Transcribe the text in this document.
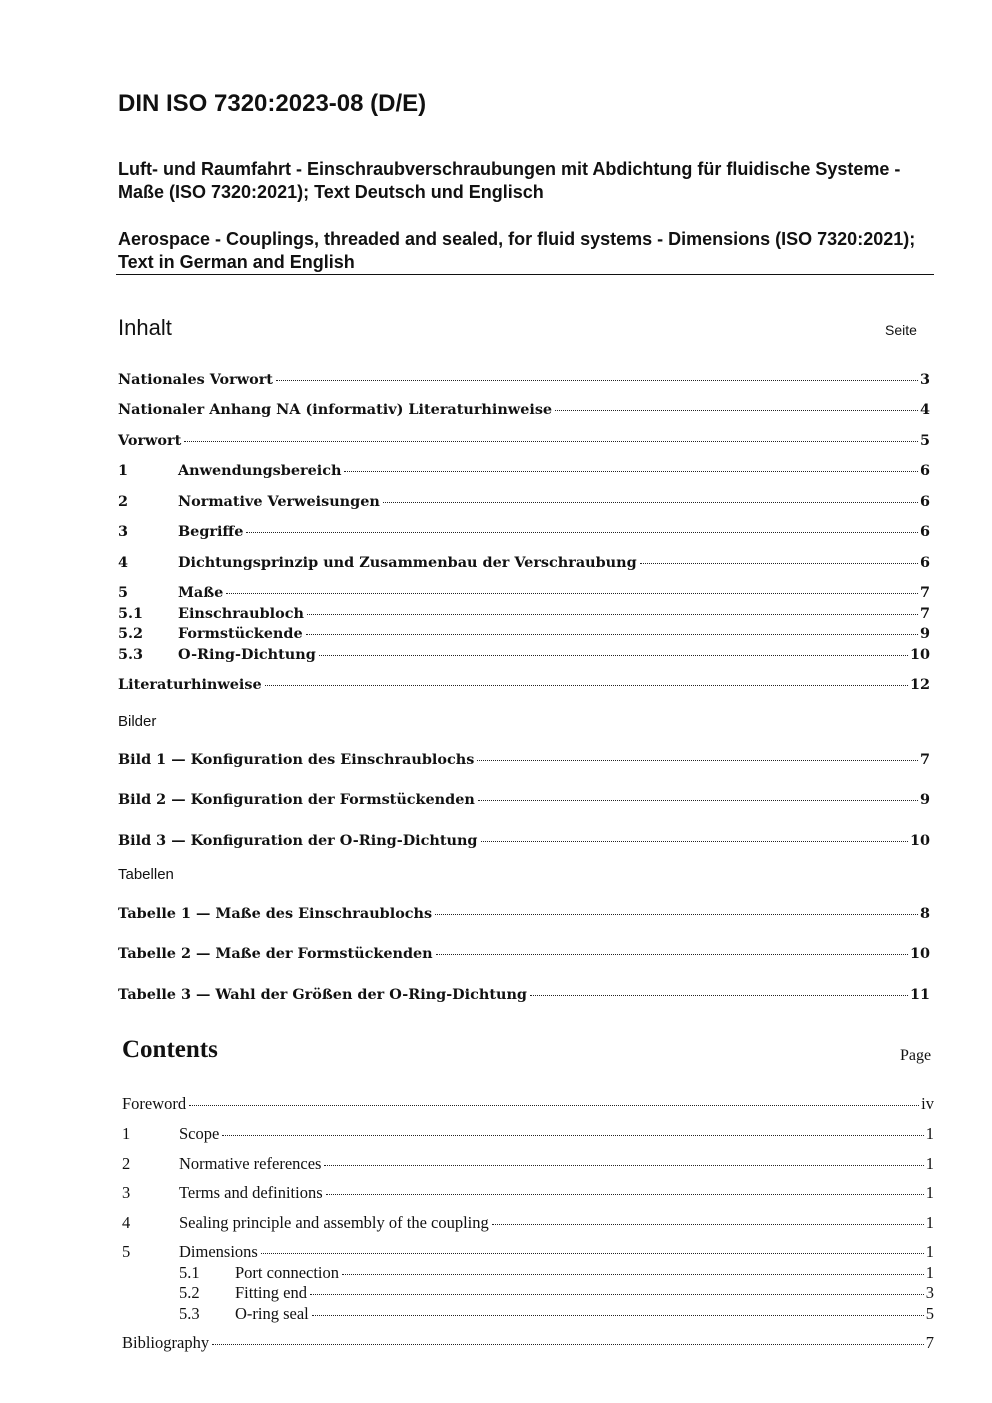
DIN ISO 7320:2023-08 (D/E)

Luft- und Raumfahrt - Einschraubverschraubungen mit Abdichtung für fluidische Systeme - Maße (ISO 7320:2021); Text Deutsch und Englisch

Aerospace - Couplings, threaded and sealed, for fluid systems - Dimensions (ISO 7320:2021); Text in German and English

Inhalt	Seite
Nationales Vorwort	3
Nationaler Anhang NA (informativ) Literaturhinweise	4
Vorwort	5
1	Anwendungsbereich	6
2	Normative Verweisungen	6
3	Begriffe	6
4	Dichtungsprinzip und Zusammenbau der Verschraubung	6
5	Maße	7
5.1	Einschraubloch	7
5.2	Formstückende	9
5.3	O-Ring-Dichtung	10
Literaturhinweise	12
Bilder
Bild 1 — Konfiguration des Einschraublochs	7
Bild 2 — Konfiguration der Formstückenden	9
Bild 3 — Konfiguration der O-Ring-Dichtung	10
Tabellen
Tabelle 1 — Maße des Einschraublochs	8
Tabelle 2 — Maße der Formstückenden	10
Tabelle 3 — Wahl der Größen der O-Ring-Dichtung	11
Contents	Page
Foreword	iv
1	Scope	1
2	Normative references	1
3	Terms and definitions	1
4	Sealing principle and assembly of the coupling	1
5	Dimensions	1
5.1	Port connection	1
5.2	Fitting end	3
5.3	O-ring seal	5
Bibliography	7
